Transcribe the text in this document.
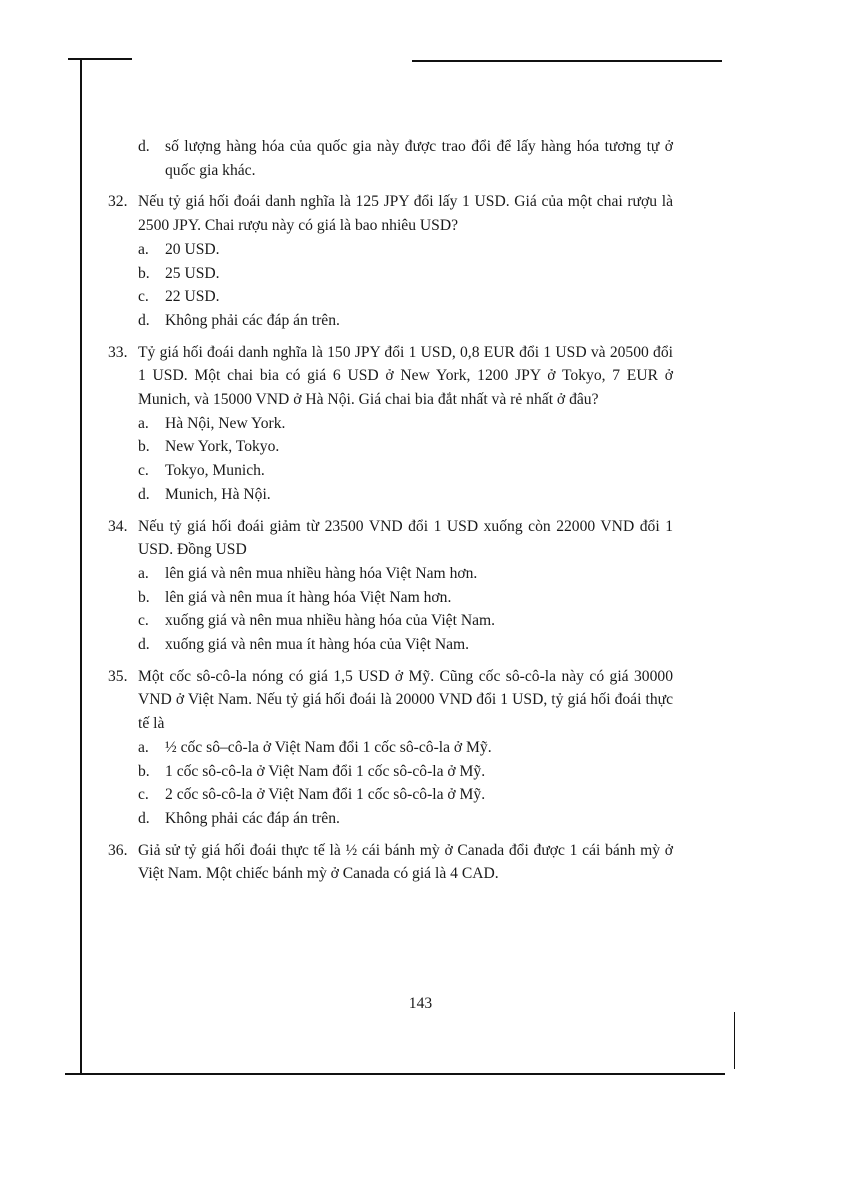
d. số lượng hàng hóa của quốc gia này được trao đổi để lấy hàng hóa tương tự ở quốc gia khác.
32. Nếu tỷ giá hối đoái danh nghĩa là 125 JPY đổi lấy 1 USD. Giá của một chai rượu là 2500 JPY. Chai rượu này có giá là bao nhiêu USD?
a. 20 USD.
b. 25 USD.
c. 22 USD.
d. Không phải các đáp án trên.
33. Tỷ giá hối đoái danh nghĩa là 150 JPY đổi 1 USD, 0,8 EUR đổi 1 USD và 20500 đổi 1 USD. Một chai bia có giá 6 USD ở New York, 1200 JPY ở Tokyo, 7 EUR ở Munich, và 15000 VND ở Hà Nội. Giá chai bia đắt nhất và rẻ nhất ở đâu?
a. Hà Nội, New York.
b. New York, Tokyo.
c. Tokyo, Munich.
d. Munich, Hà Nội.
34. Nếu tỷ giá hối đoái giảm từ 23500 VND đổi 1 USD xuống còn 22000 VND đổi 1 USD. Đồng USD
a. lên giá và nên mua nhiều hàng hóa Việt Nam hơn.
b. lên giá và nên mua ít hàng hóa Việt Nam hơn.
c. xuống giá và nên mua nhiều hàng hóa của Việt Nam.
d. xuống giá và nên mua ít hàng hóa của Việt Nam.
35. Một cốc sô-cô-la nóng có giá 1,5 USD ở Mỹ. Cũng cốc sô-cô-la này có giá 30000 VND ở Việt Nam. Nếu tỷ giá hối đoái là 20000 VND đổi 1 USD, tỷ giá hối đoái thực tế là
a. ½ cốc sô–cô-la ở Việt Nam đổi 1 cốc sô-cô-la ở Mỹ.
b. 1 cốc sô-cô-la ở Việt Nam đổi 1 cốc sô-cô-la ở Mỹ.
c. 2 cốc sô-cô-la ở Việt Nam đổi 1 cốc sô-cô-la ở Mỹ.
d. Không phải các đáp án trên.
36. Giả sử tỷ giá hối đoái thực tế là ½ cái bánh mỳ ở Canada đổi được 1 cái bánh mỳ ở Việt Nam. Một chiếc bánh mỳ ở Canada có giá là 4 CAD.
143
